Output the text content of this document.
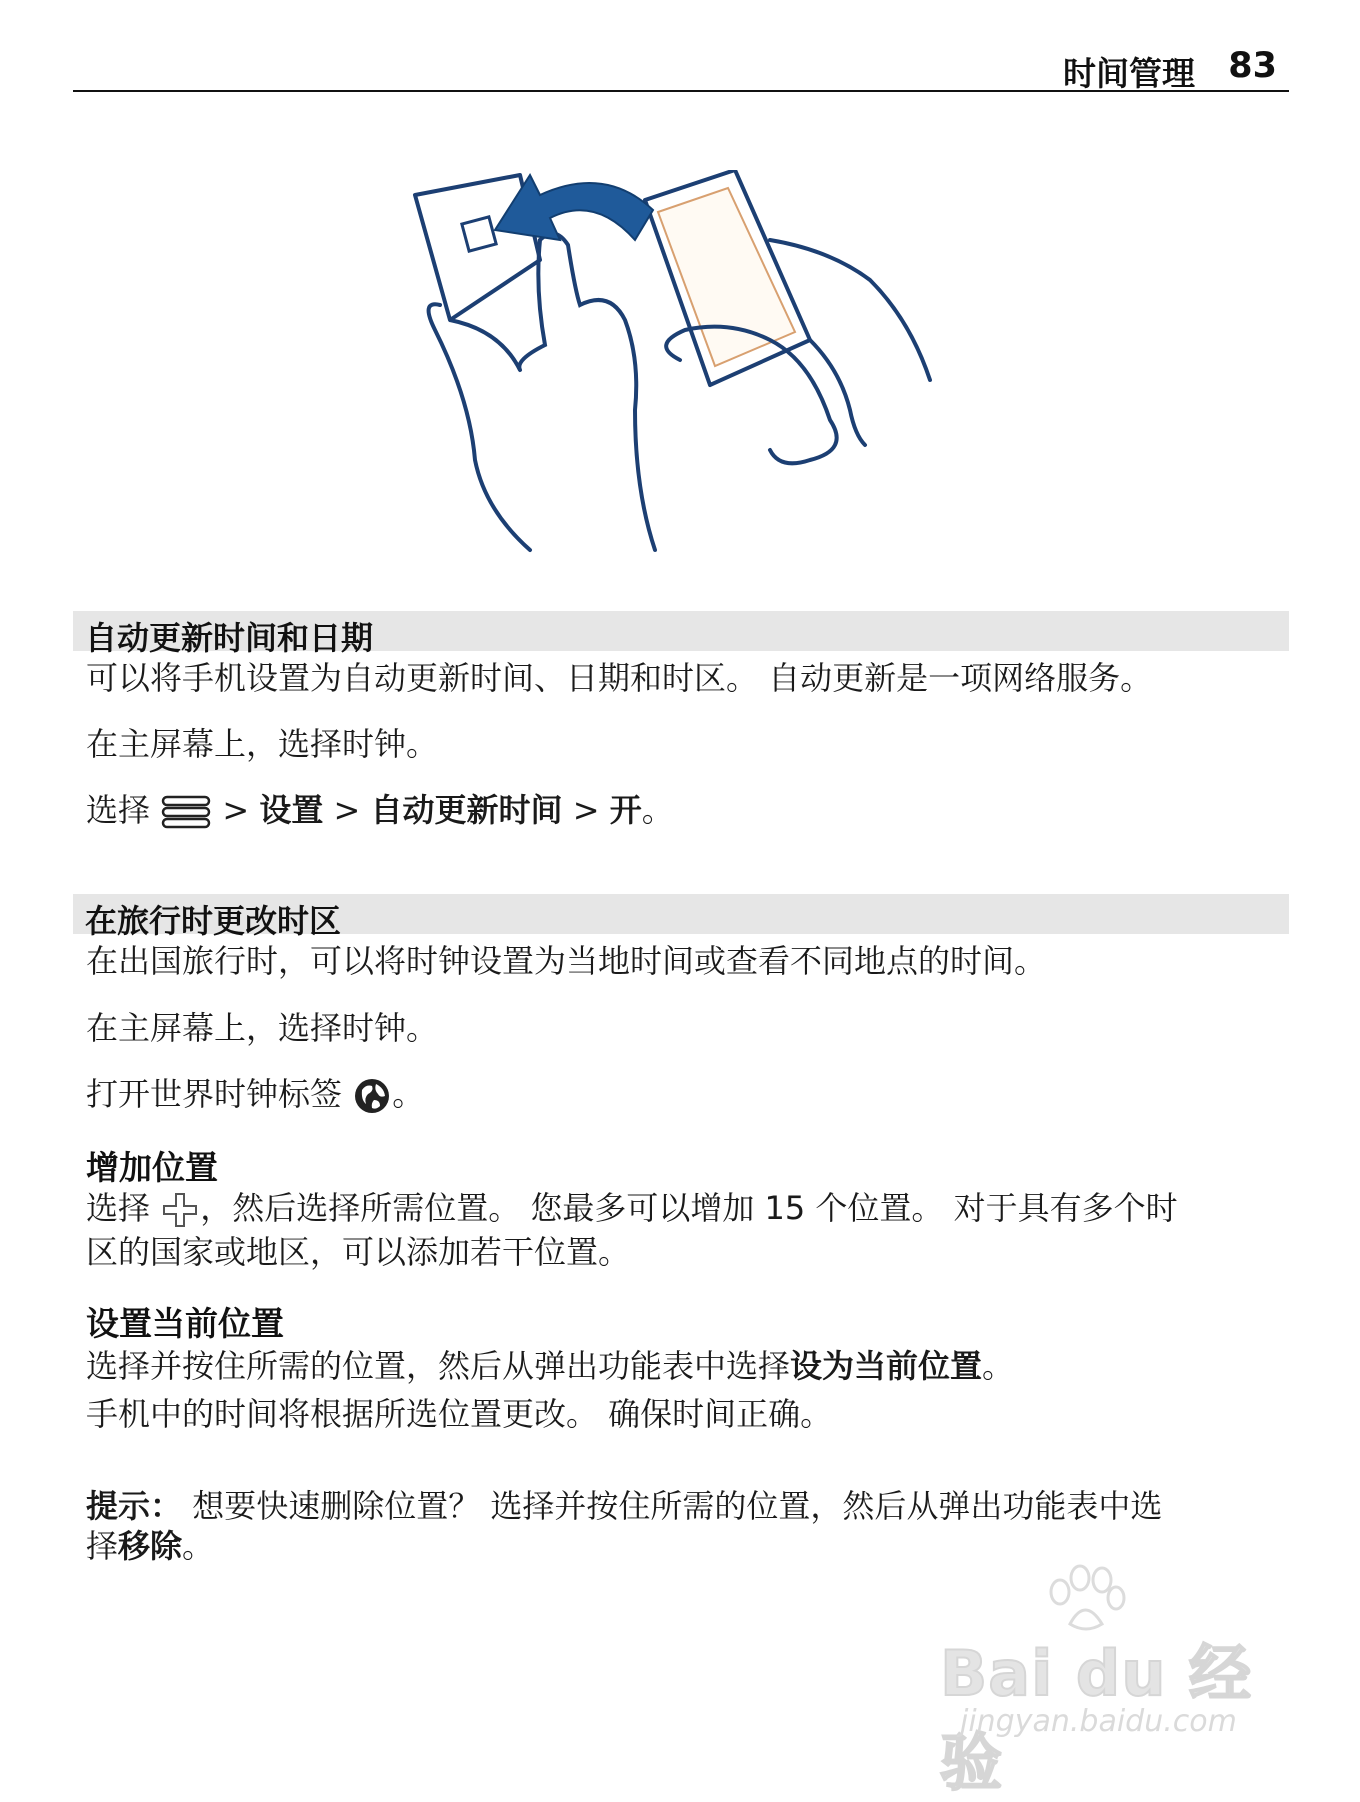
时间管理 83
自动更新时间和日期
可以将手机设置为自动更新时间、日期和时区。 自动更新是一项网络服务。
在主屏幕上，选择时钟。
选择  > 设置 > 自动更新时间 > 开。
在旅行时更改时区
在出国旅行时，可以将时钟设置为当地时间或查看不同地点的时间。
在主屏幕上，选择时钟。
打开世界时钟标签 。
增加位置
选择 ，然后选择所需位置。 您最多可以增加 15 个位置。 对于具有多个时
区的国家或地区，可以添加若干位置。
设置当前位置
选择并按住所需的位置，然后从弹出功能表中选择设为当前位置。
手机中的时间将根据所选位置更改。 确保时间正确。
提示： 想要快速删除位置？ 选择并按住所需的位置，然后从弹出功能表中选
择移除。
Bai du 经验
jingyan.baidu.com
